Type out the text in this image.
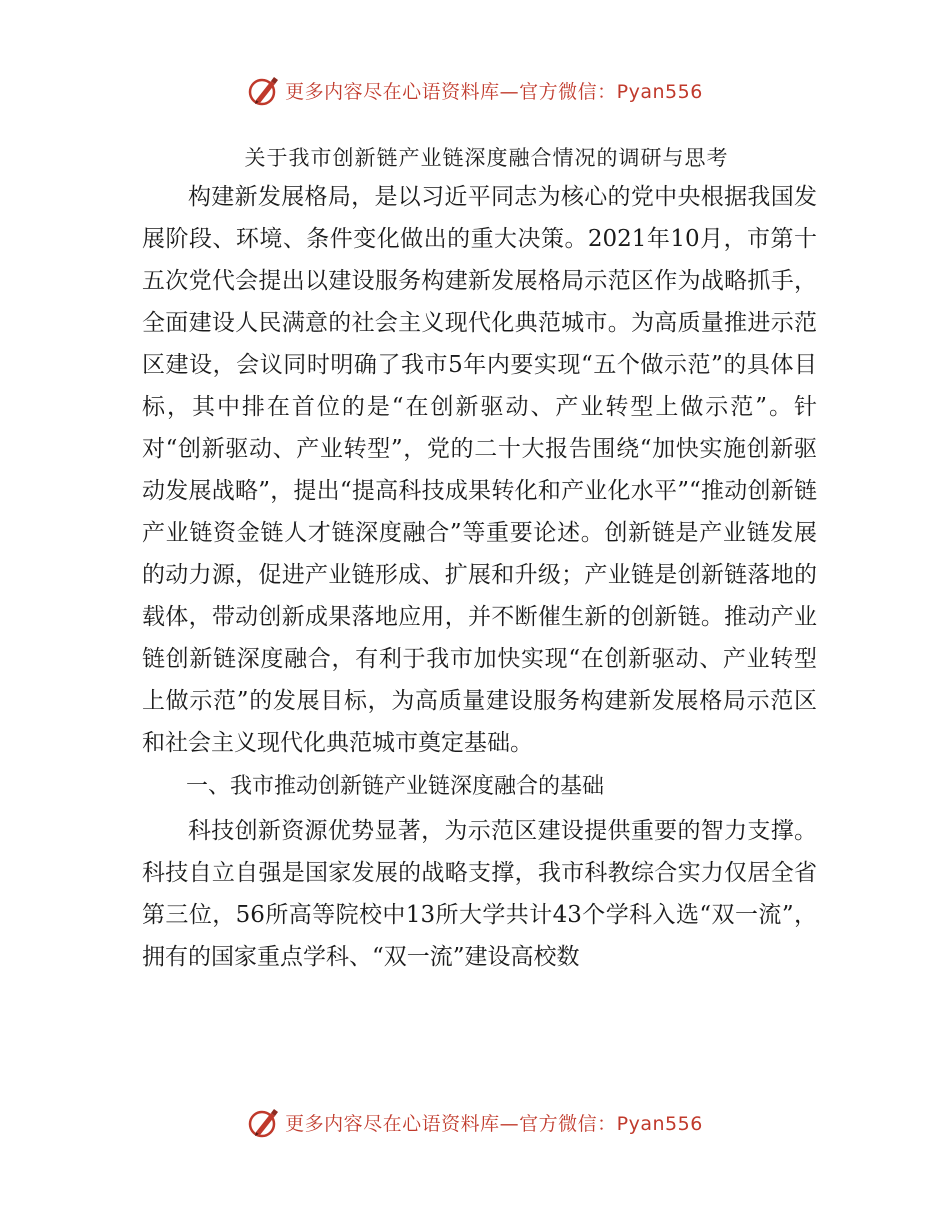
更多内容尽在心语资料库—官方微信：Pyan556
关于我市创新链产业链深度融合情况的调研与思考

构建新发展格局，是以习近平同志为核心的党中央根据我国发展阶段、环境、条件变化做出的重大决策。2021年10月，市第十五次党代会提出以建设服务构建新发展格局示范区作为战略抓手，全面建设人民满意的社会主义现代化典范城市。为高质量推进示范区建设，会议同时明确了我市5年内要实现“五个做示范”的具体目标，其中排在首位的是“在创新驱动、产业转型上做示范”。针对“创新驱动、产业转型”，党的二十大报告围绕“加快实施创新驱动发展战略”，提出“提高科技成果转化和产业化水平”“推动创新链产业链资金链人才链深度融合”等重要论述。创新链是产业链发展的动力源，促进产业链形成、扩展和升级；产业链是创新链落地的载体，带动创新成果落地应用，并不断催生新的创新链。推动产业链创新链深度融合，有利于我市加快实现“在创新驱动、产业转型上做示范”的发展目标，为高质量建设服务构建新发展格局示范区和社会主义现代化典范城市奠定基础。

一、我市推动创新链产业链深度融合的基础

科技创新资源优势显著，为示范区建设提供重要的智力支撑。科技自立自强是国家发展的战略支撑，我市科教综合实力仅居全省第三位，56所高等院校中13所大学共计43个学科入选“双一流”，拥有的国家重点学科、“双一流”建设高校数

更多内容尽在心语资料库—官方微信：Pyan556
